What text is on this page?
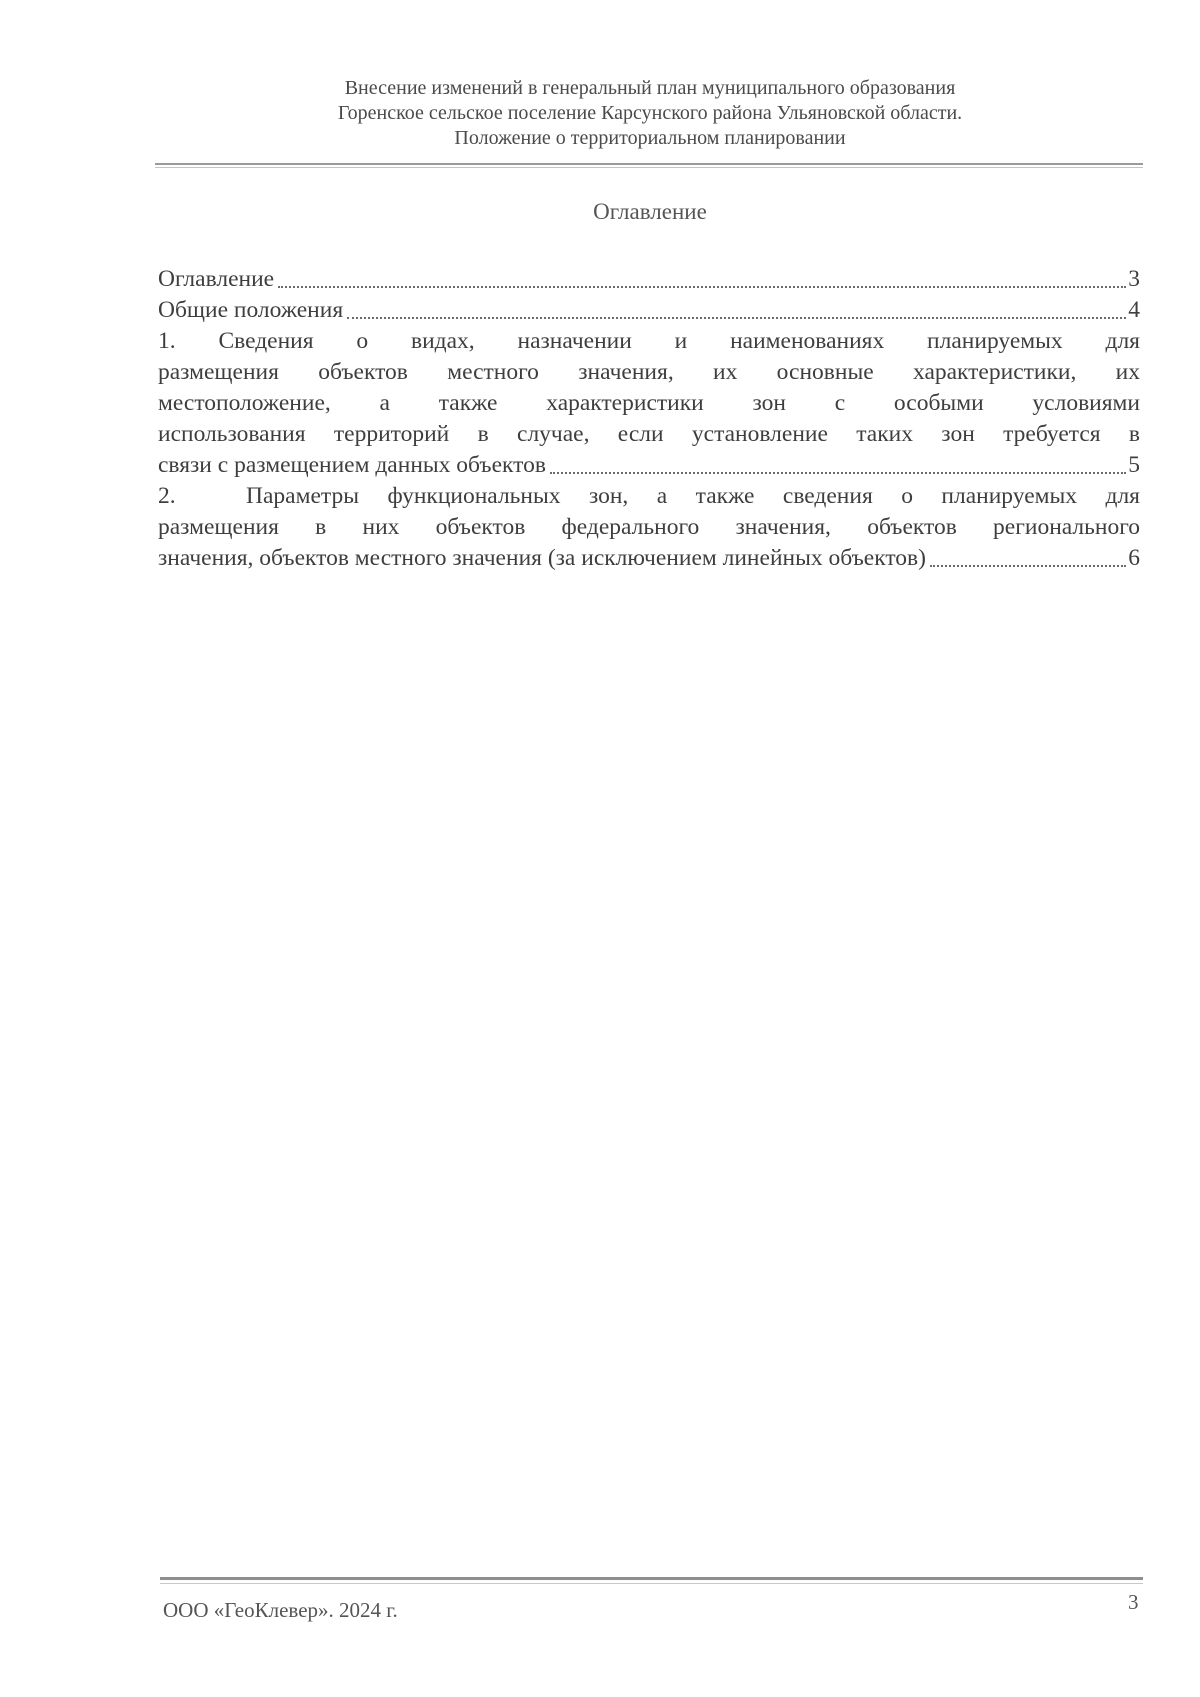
Внесение изменений в генеральный план муниципального образования
Горенское сельское поселение Карсунского района Ульяновской области.
Положение о территориальном планировании
Оглавление
Оглавление	3
Общие положения	4
1. Сведения о видах, назначении и наименованиях планируемых для
размещения объектов местного значения, их основные характеристики, их
местоположение, а также характеристики зон с особыми условиями
использования территорий в случае, если установление таких зон требуется в
связи с размещением данных объектов	5
2.	Параметры функциональных зон, а также сведения о планируемых для
размещения в них объектов федерального значения, объектов регионального
значения, объектов местного значения (за исключением линейных объектов)	6
ООО «ГеоКлевер». 2024 г.	3
